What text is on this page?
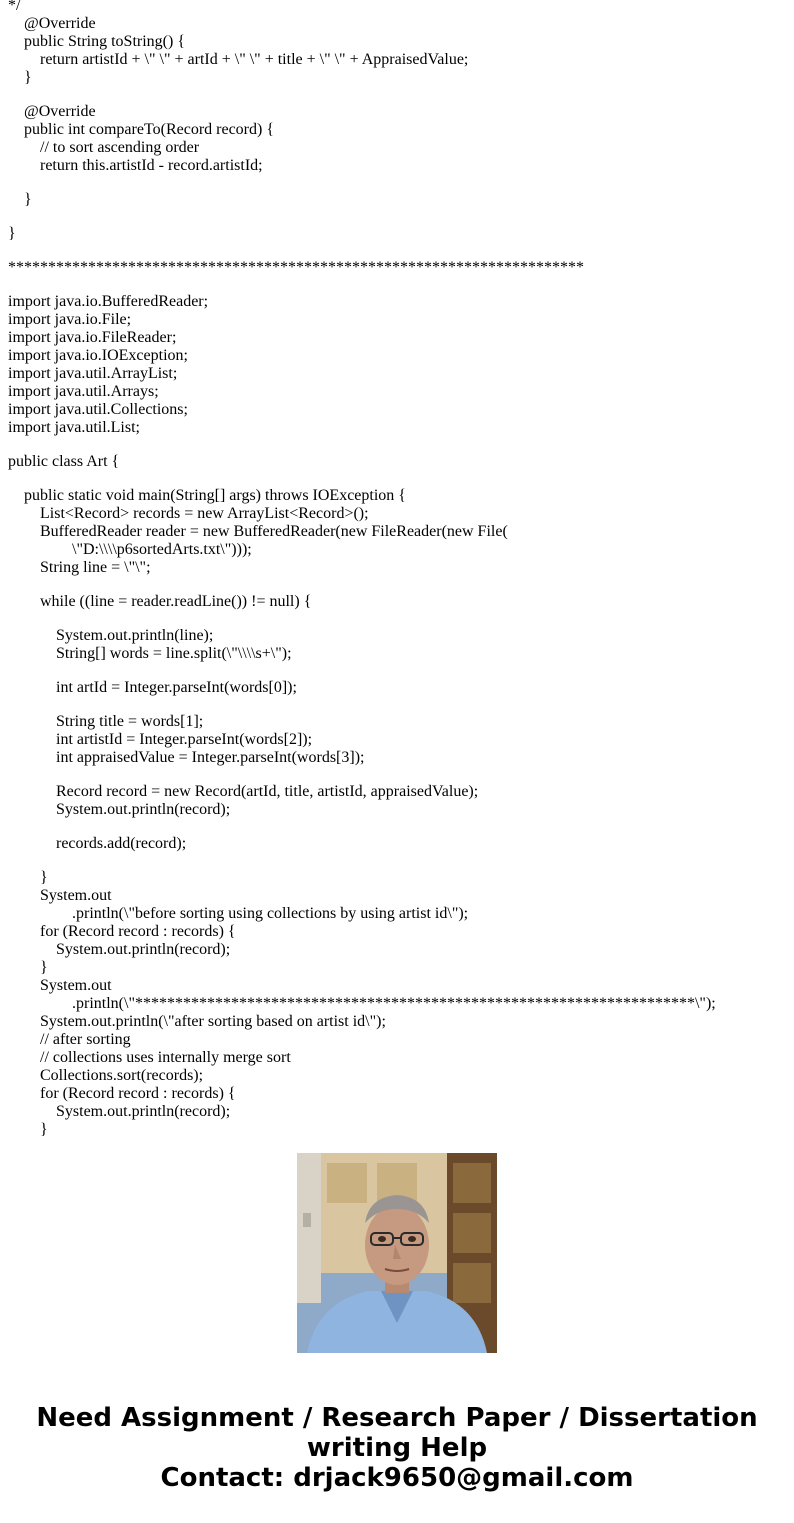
*/
@Override
public String toString() {
return artistId + \" \" + artId + \" \" + title + \" \" + AppraisedValue;
}
@Override
public int compareTo(Record record) {
// to sort ascending order
return this.artistId - record.artistId;
}
}
************************************************************************
import java.io.BufferedReader;
import java.io.File;
import java.io.FileReader;
import java.io.IOException;
import java.util.ArrayList;
import java.util.Arrays;
import java.util.Collections;
import java.util.List;
public class Art {
public static void main(String[] args) throws IOException {
List<Record> records = new ArrayList<Record>();
BufferedReader reader = new BufferedReader(new FileReader(new File(
\"D:\\\\p6sortedArts.txt\")));
String line = \"\";
while ((line = reader.readLine()) != null) {
System.out.println(line);
String[] words = line.split(\"\\\\s+\");
int artId = Integer.parseInt(words[0]);
String title = words[1];
int artistId = Integer.parseInt(words[2]);
int appraisedValue = Integer.parseInt(words[3]);
Record record = new Record(artId, title, artistId, appraisedValue);
System.out.println(record);
records.add(record);
}
System.out
.println(\"before sorting using collections by using artist id\");
for (Record record : records) {
System.out.println(record);
}
System.out
.println(\"**********************************************************************\");
System.out.println(\"after sorting based on artist id\");
// after sorting
// collections uses internally merge sort
Collections.sort(records);
for (Record record : records) {
System.out.println(record);
}
Need Assignment / Research Paper / Dissertation
writing Help
Contact: drjack9650@gmail.com
